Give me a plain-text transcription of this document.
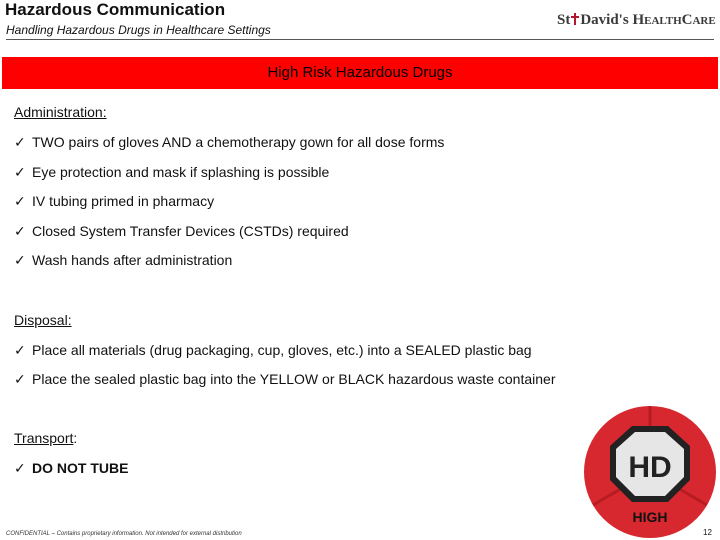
Hazardous Communication
Handling Hazardous Drugs in Healthcare Settings
St David's HealthCare
High Risk Hazardous Drugs
Administration:
✓ TWO pairs of gloves AND a chemotherapy gown for all dose forms
✓ Eye protection and mask if splashing is possible
✓ IV tubing primed in pharmacy
✓ Closed System Transfer Devices (CSTDs) required
✓ Wash hands after administration
Disposal:
✓ Place all materials (drug packaging, cup, gloves, etc.) into a SEALED plastic bag
✓ Place the sealed plastic bag into the YELLOW or BLACK hazardous waste container
Transport:
✓ DO NOT TUBE	HD
HIGH
CONFIDENTIAL – Contains proprietary information. Not intended for external distribution	12
